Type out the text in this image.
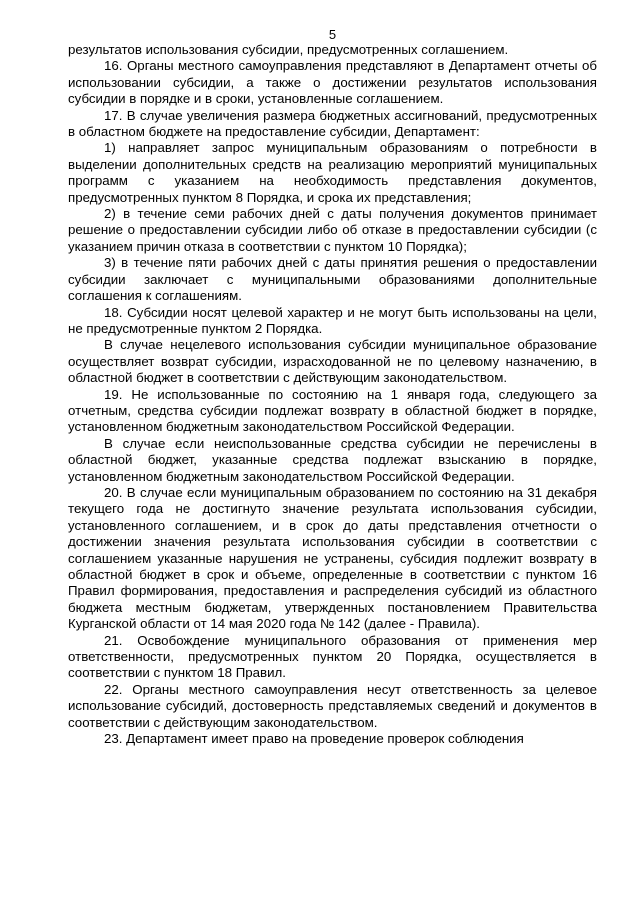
5

результатов использования субсидии, предусмотренных соглашением.

16. Органы местного самоуправления представляют в Департамент отчеты об использовании субсидии, а также о достижении результатов использования субсидии в порядке и в сроки, установленные соглашением.

17. В случае увеличения размера бюджетных ассигнований, предусмотренных в областном бюджете на предоставление субсидии, Департамент:

1) направляет запрос муниципальным образованиям о потребности в выделении дополнительных средств на реализацию мероприятий муниципальных программ с указанием на необходимость представления документов, предусмотренных пунктом 8 Порядка, и срока их представления;

2) в течение семи рабочих дней с даты получения документов принимает решение о предоставлении субсидии либо об отказе в предоставлении субсидии (с указанием причин отказа в соответствии с пунктом 10 Порядка);

3) в течение пяти рабочих дней с даты принятия решения о предоставлении субсидии заключает с муниципальными образованиями дополнительные соглашения к соглашениям.

18. Субсидии носят целевой характер и не могут быть использованы на цели, не предусмотренные пунктом 2 Порядка.

В случае нецелевого использования субсидии муниципальное образование осуществляет возврат субсидии, израсходованной не по целевому назначению, в областной бюджет в соответствии с действующим законодательством.

19. Не использованные по состоянию на 1 января года, следующего за отчетным, средства субсидии подлежат возврату в областной бюджет в порядке, установленном бюджетным законодательством Российской Федерации.

В случае если неиспользованные средства субсидии не перечислены в областной бюджет, указанные средства подлежат взысканию в порядке, установленном бюджетным законодательством Российской Федерации.

20. В случае если муниципальным образованием по состоянию на 31 декабря текущего года не достигнуто значение результата использования субсидии, установленного соглашением, и в срок до даты представления отчетности о достижении значения результата использования субсидии в соответствии с соглашением указанные нарушения не устранены, субсидия подлежит возврату в областной бюджет в срок и объеме, определенные в соответствии с пунктом 16 Правил формирования, предоставления и распределения субсидий из областного бюджета местным бюджетам, утвержденных постановлением Правительства Курганской области от 14 мая 2020 года № 142 (далее - Правила).

21. Освобождение муниципального образования от применения мер ответственности, предусмотренных пунктом 20 Порядка, осуществляется в соответствии с пунктом 18 Правил.

22. Органы местного самоуправления несут ответственность за целевое использование субсидий, достоверность представляемых сведений и документов в соответствии с действующим законодательством.

23. Департамент имеет право на проведение проверок соблюдения
